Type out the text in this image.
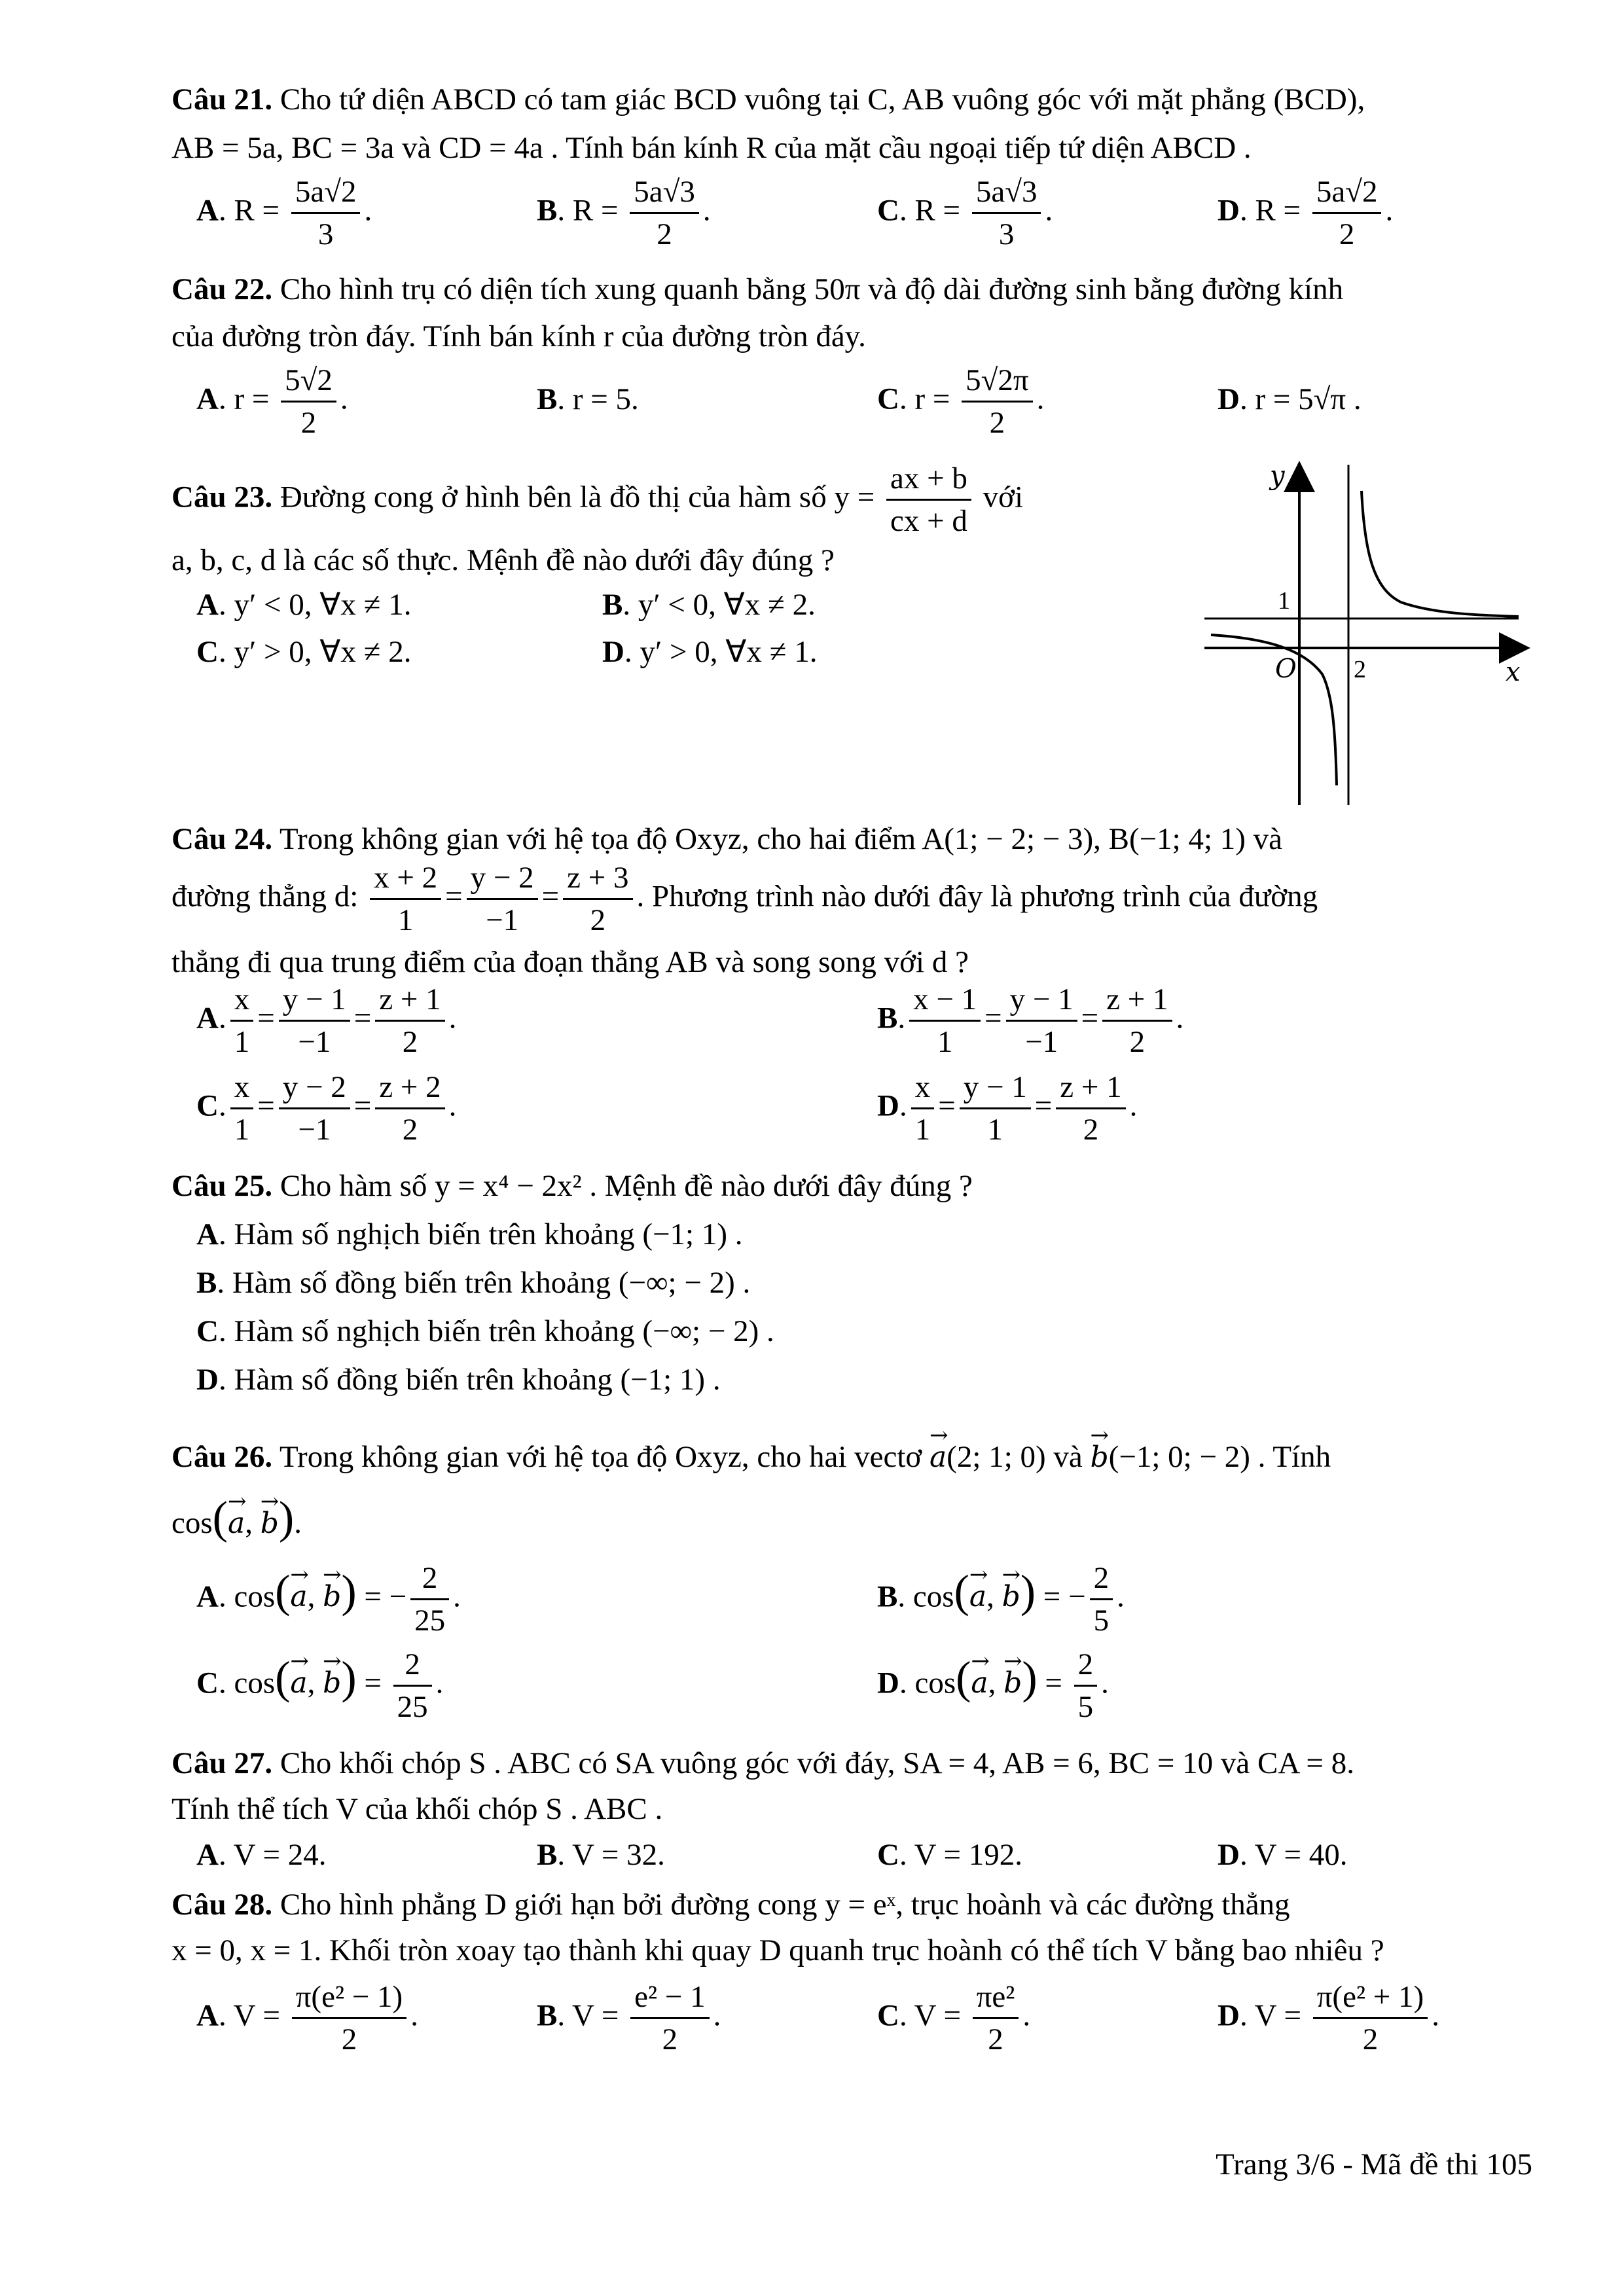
Câu 21. Cho tứ diện ABCD có tam giác BCD vuông tại C, AB vuông góc với mặt phẳng (BCD),
AB = 5a, BC = 3a và CD = 4a . Tính bán kính R của mặt cầu ngoại tiếp tứ diện ABCD .
A. $R = \frac{5a√2}{3}$ .	B. $R = \frac{5a√3}{2}$ .	C. $R = \frac{5a√3}{3}$ .	D. $R = \frac{5a√2}{2}$ .
Câu 22. Cho hình trụ có diện tích xung quanh bằng 50π và độ dài đường sinh bằng đường kính
của đường tròn đáy. Tính bán kính r của đường tròn đáy.
A. $r = \frac{5√2}{2}$ .	B. r = 5.	C. $r = \frac{5√2\pi}{2}$ .	D. r = 5√π .
Câu 23. Đường cong ở hình bên là đồ thị của hàm số $y = \frac{ax + b}{cx + d}$ với
a, b, c, d là các số thực. Mệnh đề nào dưới đây đúng ?
A. y′ < 0, ∀x ≠ 1.	B. y′ < 0, ∀x ≠ 2.
C. y′ > 0, ∀x ≠ 2.	D. y′ > 0, ∀x ≠ 1.
y
x
O
1
2
Câu 24. Trong không gian với hệ tọa độ Oxyz, cho hai điểm A(1; − 2; − 3), B(−1; 4; 1) và
đường thẳng d: $\frac{x + 2}{1} = \frac{y - 2}{-1} = \frac{z + 3}{2}$ . Phương trình nào dưới đây là phương trình của đường
thẳng đi qua trung điểm của đoạn thẳng AB và song song với d ?
A. $\frac{x}{1} = \frac{y - 1}{-1} = \frac{z + 1}{2}$ .	B. $\frac{x - 1}{1} = \frac{y - 1}{-1} = \frac{z + 1}{2}$ .
C. $\frac{x}{1} = \frac{y - 2}{-1} = \frac{z + 2}{2}$ .	D. $\frac{x}{1} = \frac{y - 1}{1} = \frac{z + 1}{2}$ .
Câu 25. Cho hàm số y = x⁴ − 2x² . Mệnh đề nào dưới đây đúng ?
A. Hàm số nghịch biến trên khoảng (−1; 1) .
B. Hàm số đồng biến trên khoảng (−∞; − 2) .
C. Hàm số nghịch biến trên khoảng (−∞; − 2) .
D. Hàm số đồng biến trên khoảng (−1; 1) .
Câu 26. Trong không gian với hệ tọa độ Oxyz, cho hai vectơ → a(2; 1; 0) và → b(−1; 0; − 2) . Tính
cos(→ a, → b).
A. cos(→ a, → b) = − $\frac{2}{25}$ .	B. cos(→ a, → b) = − $\frac{2}{5}$ .
C. cos(→ a, → $b) = \frac{2}{25}$ .	D. cos(→ a, → $b) = \frac{2}{5}$ .
Câu 27. Cho khối chóp S . ABC có SA vuông góc với đáy, SA = 4, AB = 6, BC = 10 và CA = 8.
Tính thể tích V của khối chóp S . ABC .
A. V = 24.	B. V = 32.	C. V = 192.	D. V = 40.
Câu 28. Cho hình phẳng D giới hạn bởi đường cong y = eˣ, trục hoành và các đường thẳng
x = 0, x = 1. Khối tròn xoay tạo thành khi quay D quanh trục hoành có thể tích V bằng bao nhiêu ?
A. $V = \frac{\text{π(e² − 1)}}{2}$ .	B. $V = \frac{\text{e² − 1}}{2}$ .	C. $V = \frac{\text{πe²}}{2}$ .	D. $V = \frac{\text{π(e² + 1)}}{2}$ .
Trang 3/6 - Mã đề thi 105
